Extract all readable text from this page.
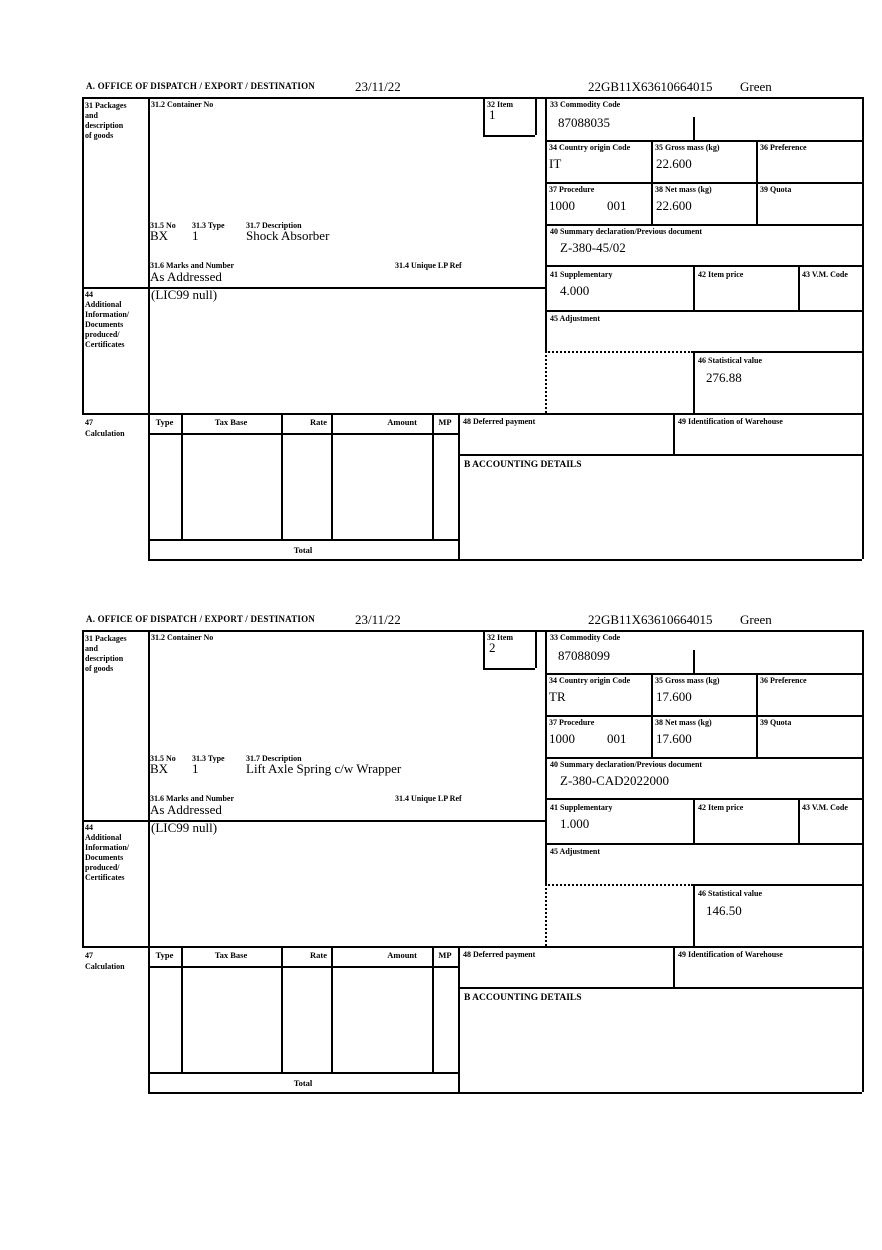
A. OFFICE OF DISPATCH / EXPORT / DESTINATION	23/11/22	22GB11X63610664015 Green
31 Packages
and
description
of goods
31.2 Container No	32 Item
1
33 Commodity Code
87088035
34 Country origin Code
IT
35 Gross mass (kg)
22.600
36 Preference
37 Procedure
1000 001
38 Net mass (kg)
22.600
39 Quota
40 Summary declaration/Previous document
Z-380-45/02
41 Supplementary
4.000
42 Item price	43 V.M. Code
45 Adjustment
46 Statistical value
276.88
31.5 No 31.3 Type	31.7 Description
BX 1	Shock Absorber
31.6 Marks and Number	31.4 Unique LP Ref
As Addressed
44
Additional
Information/
Documents
produced/
Certificates
(LIC99 null)
47
Calculation
Type	Tax Base	Rate	Amount	MP
Total
48 Deferred payment	49 Identification of Warehouse
B ACCOUNTING DETAILS
A. OFFICE OF DISPATCH / EXPORT / DESTINATION	23/11/22	22GB11X63610664015 Green
31 Packages
and
description
of goods
31.2 Container No	32 Item
2
33 Commodity Code
87088099
34 Country origin Code
TR
35 Gross mass (kg)
17.600
36 Preference
37 Procedure
1000 001
38 Net mass (kg)
17.600
39 Quota
40 Summary declaration/Previous document
Z-380-CAD2022000
41 Supplementary
1.000
42 Item price	43 V.M. Code
45 Adjustment
46 Statistical value
146.50
31.5 No 31.3 Type	31.7 Description
BX 1	Lift Axle Spring c/w Wrapper
31.6 Marks and Number	31.4 Unique LP Ref
As Addressed
44
Additional
Information/
Documents
produced/
Certificates
(LIC99 null)
47
Calculation
Type	Tax Base	Rate	Amount	MP
Total
48 Deferred payment	49 Identification of Warehouse
B ACCOUNTING DETAILS
